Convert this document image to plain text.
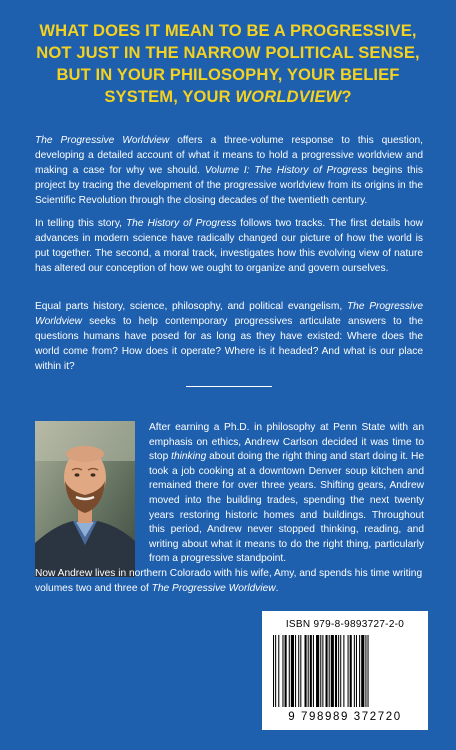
WHAT DOES IT MEAN TO BE A PROGRESSIVE,
NOT JUST IN THE NARROW POLITICAL SENSE,
BUT IN YOUR PHILOSOPHY, YOUR BELIEF
SYSTEM, YOUR WORLDVIEW?
The Progressive Worldview offers a three-volume response to this question, developing a detailed account of what it means to hold a progressive worldview and making a case for why we should. Volume I: The History of Progress begins this project by tracing the development of the progressive worldview from its origins in the Scientific Revolution through the closing decades of the twentieth century.
In telling this story, The History of Progress follows two tracks. The first details how advances in modern science have radically changed our picture of how the world is put together. The second, a moral track, investigates how this evolving view of nature has altered our conception of how we ought to organize and govern ourselves.
Equal parts history, science, philosophy, and political evangelism, The Progressive Worldview seeks to help contemporary progressives articulate answers to the questions humans have posed for as long as they have existed: Where does the world come from? How does it operate? Where is it headed? And what is our place within it?
After earning a Ph.D. in philosophy at Penn State with an emphasis on ethics, Andrew Carlson decided it was time to stop thinking about doing the right thing and start doing it. He took a job cooking at a downtown Denver soup kitchen and remained there for over three years. Shifting gears, Andrew moved into the building trades, spending the next twenty years restoring historic homes and buildings. Throughout this period, Andrew never stopped thinking, reading, and writing about what it means to do the right thing, particularly from a progressive standpoint.
Now Andrew lives in northern Colorado with his wife, Amy, and spends his time writing volumes two and three of The Progressive Worldview.
ISBN 979-8-9893727-2-0
9 798989 372720
